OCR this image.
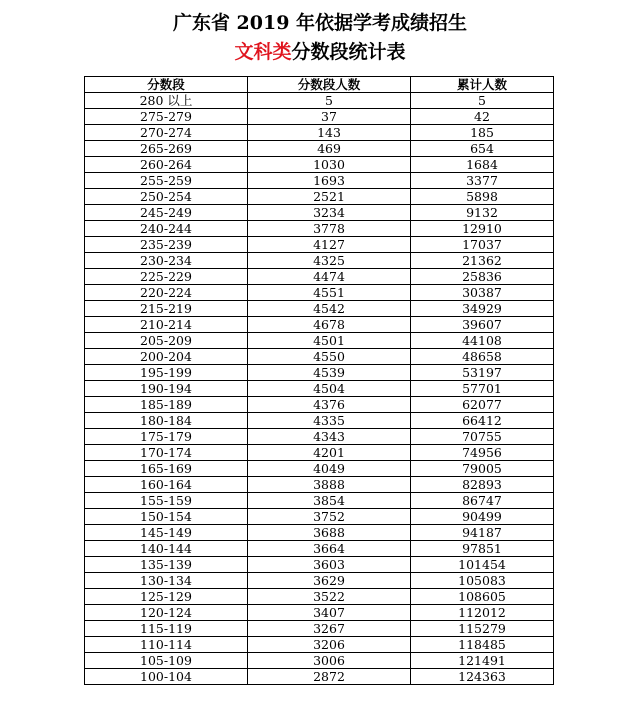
广东省 2019 年依据学考成绩招生
文科类分数段统计表
分数段	分数段人数	累计人数
280 以上	5	5
275-279	37	42
270-274	143	185
265-269	469	654
260-264	1030	1684
255-259	1693	3377
250-254	2521	5898
245-249	3234	9132
240-244	3778	12910
235-239	4127	17037
230-234	4325	21362
225-229	4474	25836
220-224	4551	30387
215-219	4542	34929
210-214	4678	39607
205-209	4501	44108
200-204	4550	48658
195-199	4539	53197
190-194	4504	57701
185-189	4376	62077
180-184	4335	66412
175-179	4343	70755
170-174	4201	74956
165-169	4049	79005
160-164	3888	82893
155-159	3854	86747
150-154	3752	90499
145-149	3688	94187
140-144	3664	97851
135-139	3603	101454
130-134	3629	105083
125-129	3522	108605
120-124	3407	112012
115-119	3267	115279
110-114	3206	118485
105-109	3006	121491
100-104	2872	124363
